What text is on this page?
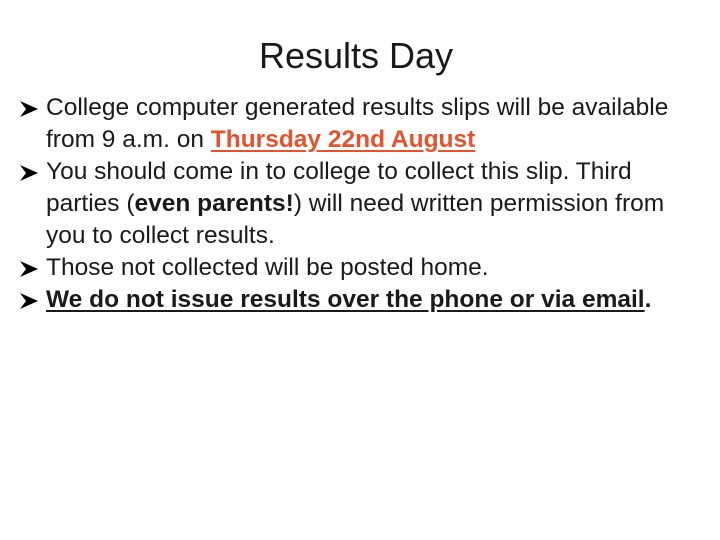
Results Day
College computer generated results slips will be available from 9 a.m. on Thursday 22nd August
You should come in to college to collect this slip. Third parties (even parents!) will need written permission from you to collect results.
Those not collected will be posted home.
We do not issue results over the phone or via email.
